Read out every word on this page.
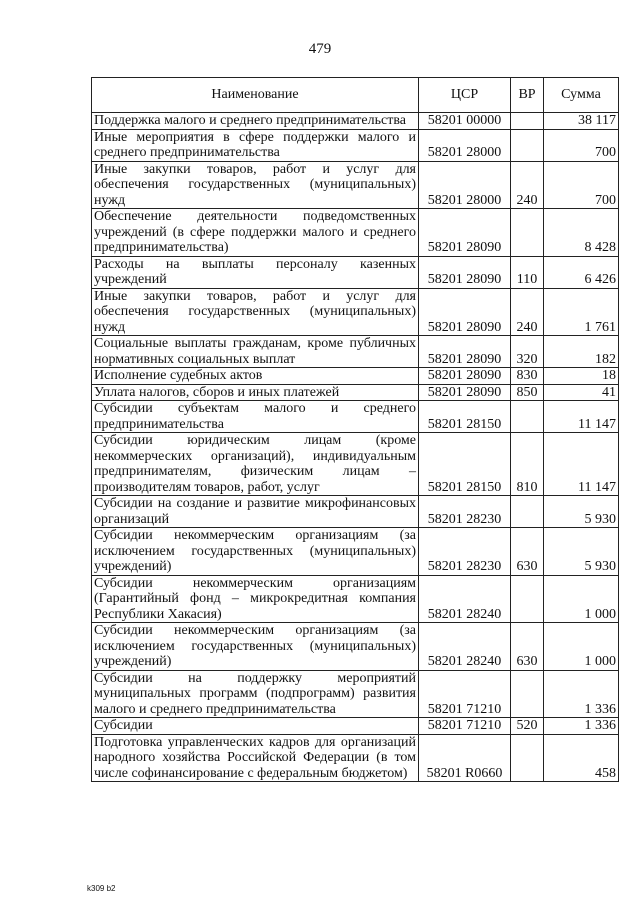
479
Наименование	ЦСР	ВР	Сумма
Поддержка малого и среднего предпринимательства	58201 00000		38 117
Иные мероприятия в сфере поддержки малого и среднего предпринимательства	58201 28000		700
Иные закупки товаров, работ и услуг для обеспечения государственных (муниципальных) нужд	58201 28000	240	700
Обеспечение деятельности подведомственных учреждений (в сфере поддержки малого и среднего предпринимательства)	58201 28090		8 428
Расходы на выплаты персоналу казенных учреждений	58201 28090	110	6 426
Иные закупки товаров, работ и услуг для обеспечения государственных (муниципальных) нужд	58201 28090	240	1 761
Социальные выплаты гражданам, кроме публичных нормативных социальных выплат	58201 28090	320	182
Исполнение судебных актов	58201 28090	830	18
Уплата налогов, сборов и иных платежей	58201 28090	850	41
Субсидии субъектам малого и среднего предпринимательства	58201 28150		11 147
Субсидии юридическим лицам (кроме некоммерческих организаций), индивидуальным предпринимателям, физическим лицам – производителям товаров, работ, услуг	58201 28150	810	11 147
Субсидии на создание и развитие микрофинансовых организаций	58201 28230		5 930
Субсидии некоммерческим организациям (за исключением государственных (муниципальных) учреждений)	58201 28230	630	5 930
Субсидии некоммерческим организациям (Гарантийный фонд – микрокредитная компания Республики Хакасия)	58201 28240		1 000
Субсидии некоммерческим организациям (за исключением государственных (муниципальных) учреждений)	58201 28240	630	1 000
Субсидии на поддержку мероприятий муниципальных программ (подпрограмм) развития малого и среднего предпринимательства	58201 71210		1 336
Субсидии	58201 71210	520	1 336
Подготовка управленческих кадров для организаций народного хозяйства Российской Федерации (в том числе софинансирование с федеральным бюджетом)	58201 R0660		458
k309 b2
